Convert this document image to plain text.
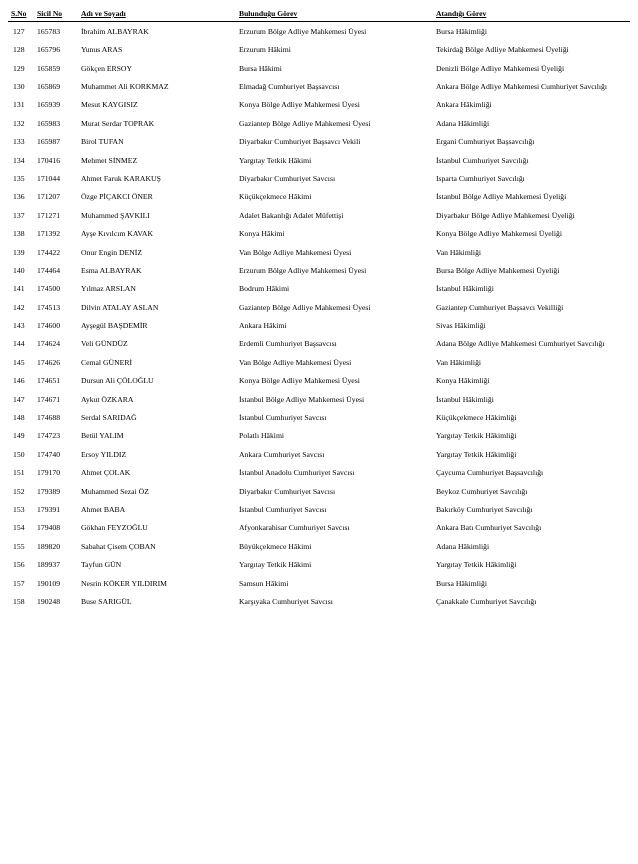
S.No	Sicil No	Adı ve Soyadı	Bulunduğu Görev	Atandığı Görev
127	165783	İbrahim ALBAYRAK	Erzurum Bölge Adliye Mahkemesi Üyesi	Bursa Hâkimliği
128	165796	Yunus ARAS	Erzurum Hâkimi	Tekirdağ Bölge Adliye Mahkemesi Üyeliği
129	165859	Gökçen ERSOY	Bursa Hâkimi	Denizli Bölge Adliye Mahkemesi Üyeliği
130	165869	Muhammet Ali KORKMAZ	Elmadağ Cumhuriyet Başsavcısı	Ankara Bölge Adliye Mahkemesi Cumhuriyet Savcılığı
131	165939	Mesut KAYGISIZ	Konya Bölge Adliye Mahkemesi Üyesi	Ankara Hâkimliği
132	165983	Murat Serdar TOPRAK	Gaziantep Bölge Adliye Mahkemesi Üyesi	Adana Hâkimliği
133	165987	Birol TUFAN	Diyarbakır Cumhuriyet Başsavcı Vekili	Ergani Cumhuriyet Başsavcılığı
134	170416	Mehmet SİNMEZ	Yargıtay Tetkik Hâkimi	İstanbul Cumhuriyet Savcılığı
135	171044	Ahmet Faruk KARAKUŞ	Diyarbakır Cumhuriyet Savcısı	Isparta Cumhuriyet Savcılığı
136	171207	Özge PİÇAKCI ÖNER	Küçükçekmece Hâkimi	İstanbul Bölge Adliye Mahkemesi Üyeliği
137	171271	Muhammed ŞAVKILI	Adalet Bakanlığı Adalet Müfettişi	Diyarbakır Bölge Adliye Mahkemesi Üyeliği
138	171392	Ayşe Kıvılcım KAVAK	Konya Hâkimi	Konya Bölge Adliye Mahkemesi Üyeliği
139	174422	Onur Engin DENİZ	Van Bölge Adliye Mahkemesi Üyesi	Van Hâkimliği
140	174464	Esma ALBAYRAK	Erzurum Bölge Adliye Mahkemesi Üyesi	Bursa Bölge Adliye Mahkemesi Üyeliği
141	174500	Yılmaz ARSLAN	Bodrum Hâkimi	İstanbul Hâkimliği
142	174513	Dilvin ATALAY ASLAN	Gaziantep Bölge Adliye Mahkemesi Üyesi	Gaziantep Cumhuriyet Başsavcı Vekilliği
143	174600	Ayşegül BAŞDEMİR	Ankara Hâkimi	Sivas Hâkimliği
144	174624	Veli GÜNDÜZ	Erdemli Cumhuriyet Başsavcısı	Adana Bölge Adliye Mahkemesi Cumhuriyet Savcılığı
145	174626	Cemal GÜNERİ	Van Bölge Adliye Mahkemesi Üyesi	Van Hâkimliği
146	174651	Dursun Ali ÇÖLOĞLU	Konya Bölge Adliye Mahkemesi Üyesi	Konya Hâkimliği
147	174671	Aykut ÖZKARA	İstanbul Bölge Adliye Mahkemesi Üyesi	İstanbul Hâkimliği
148	174688	Serdal SARIDAĞ	İstanbul Cumhuriyet Savcısı	Küçükçekmece Hâkimliği
149	174723	Betül YALIM	Polatlı Hâkimi	Yargıtay Tetkik Hâkimliği
150	174740	Ersoy YILDIZ	Ankara Cumhuriyet Savcısı	Yargıtay Tetkik Hâkimliği
151	179170	Ahmet ÇOLAK	İstanbul Anadolu Cumhuriyet Savcısı	Çaycuma Cumhuriyet Başsavcılığı
152	179389	Muhammed Sezai ÖZ	Diyarbakır Cumhuriyet Savcısı	Beykoz Cumhuriyet Savcılığı
153	179391	Ahmet BABA	İstanbul Cumhuriyet Savcısı	Bakırköy Cumhuriyet Savcılığı
154	179408	Gökhan FEYZOĞLU	Afyonkarahisar Cumhuriyet Savcısı	Ankara Batı Cumhuriyet Savcılığı
155	189820	Sabahat Çisem ÇOBAN	Büyükçekmece Hâkimi	Adana Hâkimliği
156	189937	Tayfun GÜN	Yargıtay Tetkik Hâkimi	Yargıtay Tetkik Hâkimliği
157	190109	Nesrin KÖKER YILDIRIM	Samsun Hâkimi	Bursa Hâkimliği
158	190248	Buse SARIGÜL	Karşıyaka Cumhuriyet Savcısı	Çanakkale Cumhuriyet Savcılığı
